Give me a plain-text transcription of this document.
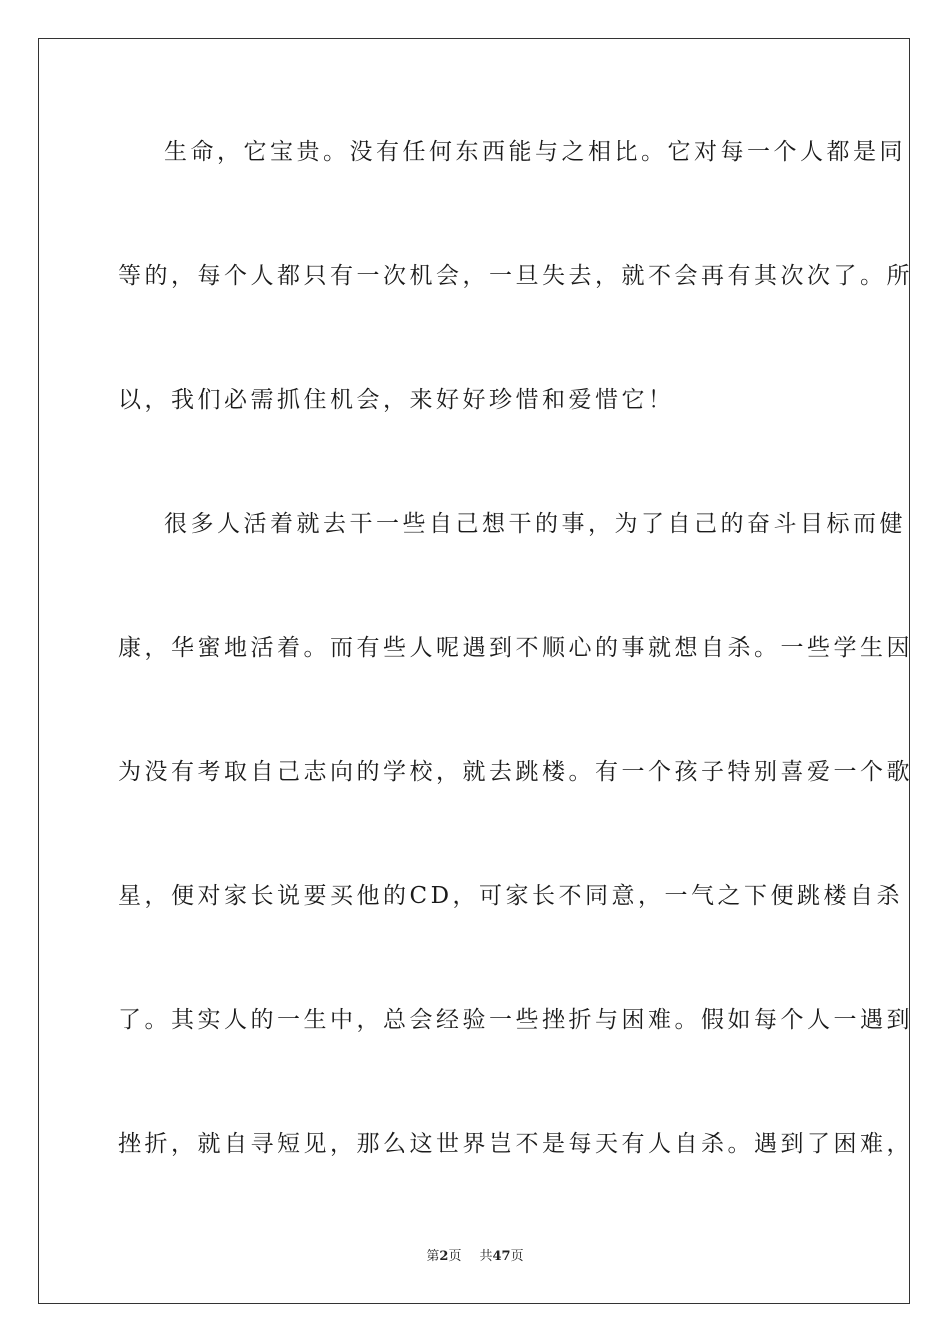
生命，它宝贵。没有任何东西能与之相比。它对每一个人都是同
等的，每个人都只有一次机会，一旦失去，就不会再有其次次了。所
以，我们必需抓住机会，来好好珍惜和爱惜它！
很多人活着就去干一些自己想干的事，为了自己的奋斗目标而健
康，华蜜地活着。而有些人呢遇到不顺心的事就想自杀。一些学生因
为没有考取自己志向的学校，就去跳楼。有一个孩子特别喜爱一个歌
星，便对家长说要买他的CD，可家长不同意，一气之下便跳楼自杀
了。其实人的一生中，总会经验一些挫折与困难。假如每个人一遇到
挫折，就自寻短见，那么这世界岂不是每天有人自杀。遇到了困难，
第2页 共47页
